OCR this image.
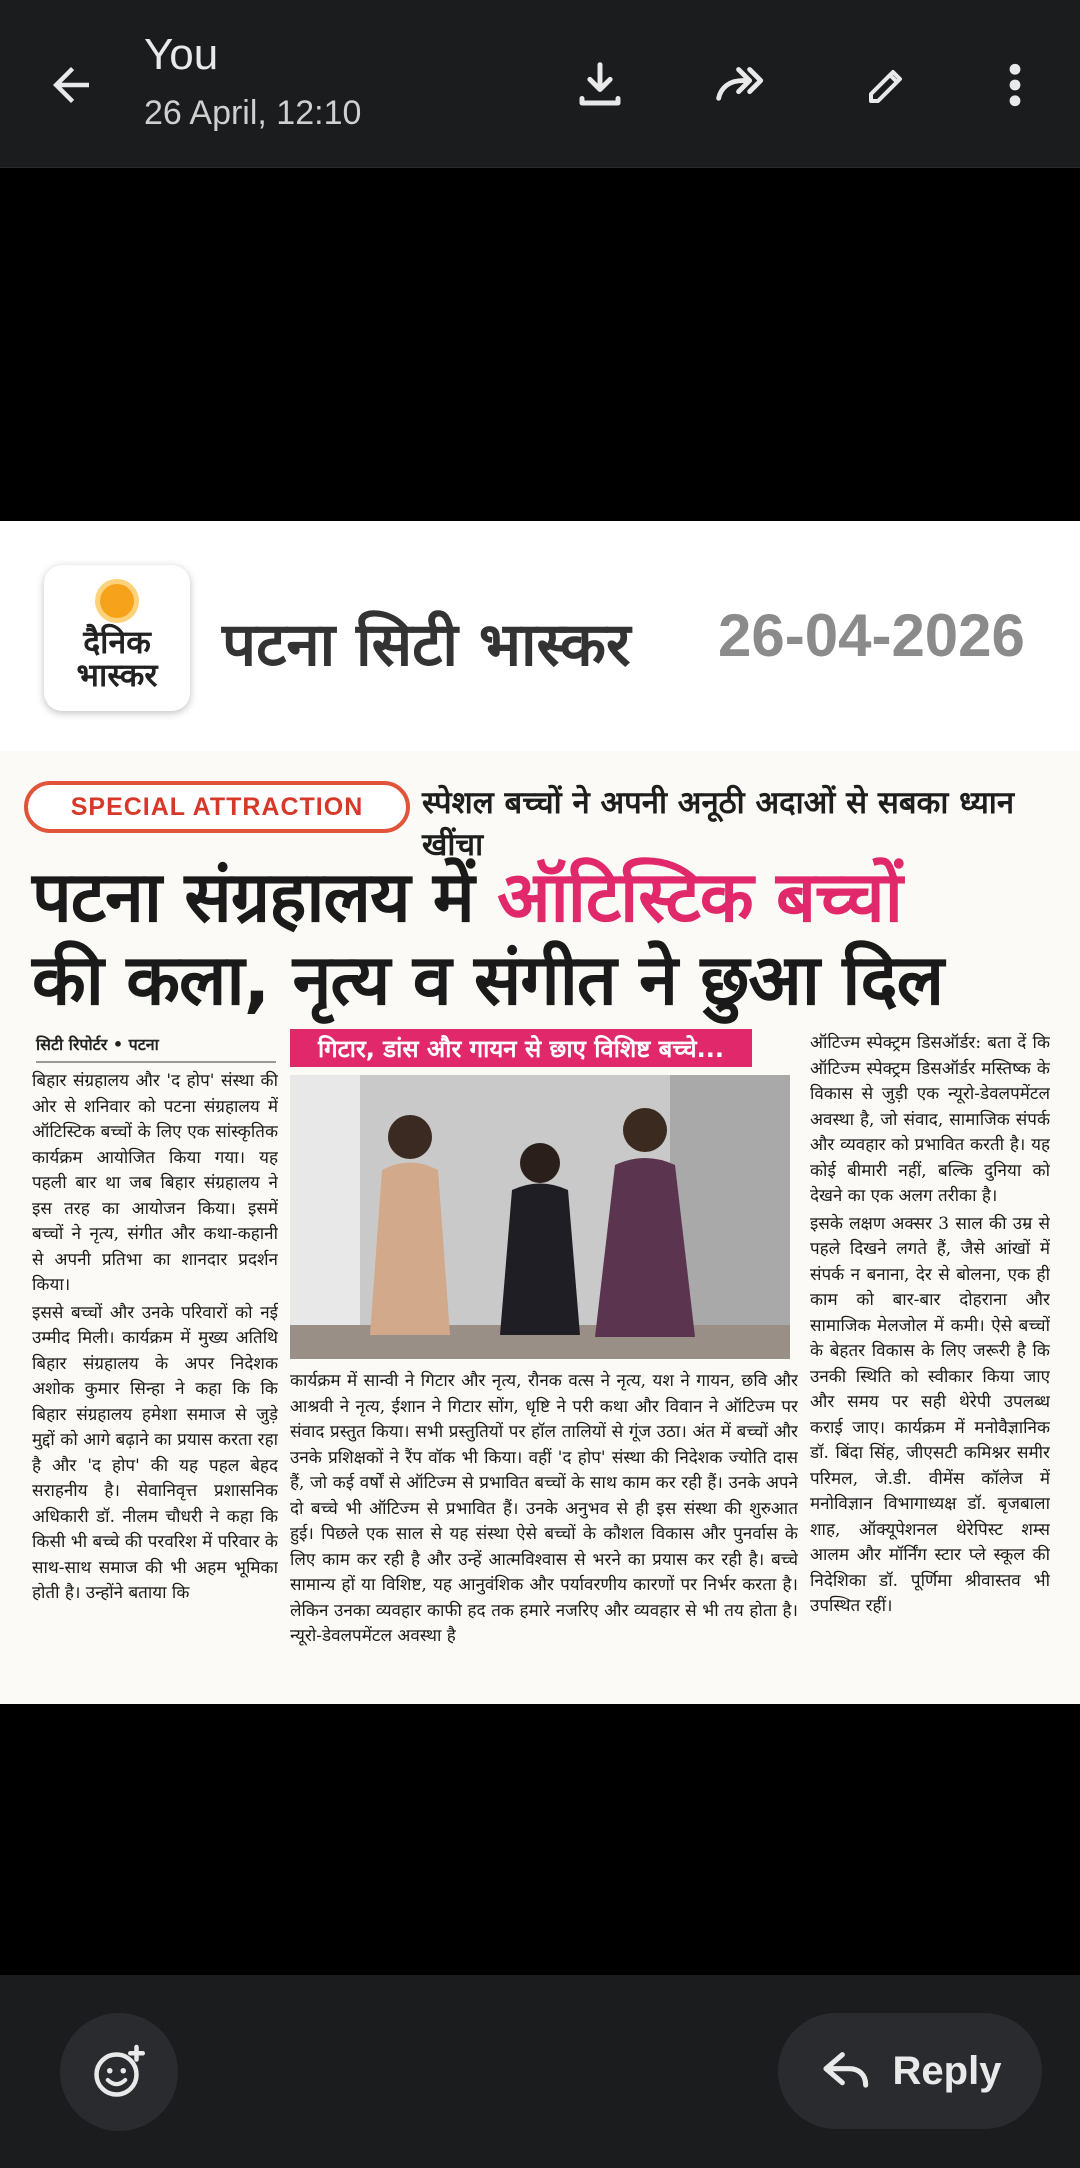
You
26 April, 12:10
दैनिक
भास्कर पटना सिटी भास्कर 26-04-2026
SPECIAL ATTRACTION	स्पेशल बच्चों ने अपनी अनूठी अदाओं से सबका ध्यान खींचा
पटना संग्रहालय में ऑटिस्टिक बच्चों
की कला, नृत्य व संगीत ने छुआ दिल
सिटी रिपोर्टर • पटना

बिहार संग्रहालय और 'द होप' संस्था की ओर से शनिवार को पटना संग्रहालय में ऑटिस्टिक बच्चों के लिए एक सांस्कृतिक कार्यक्रम आयोजित किया गया। यह पहली बार था जब बिहार संग्रहालय ने इस तरह का आयोजन किया। इसमें बच्चों ने नृत्य, संगीत और कथा-कहानी से अपनी प्रतिभा का शानदार प्रदर्शन किया।

इससे बच्चों और उनके परिवारों को नई उम्मीद मिली। कार्यक्रम में मुख्य अतिथि बिहार संग्रहालय के अपर निदेशक अशोक कुमार सिन्हा ने कहा कि कि बिहार संग्रहालय हमेशा समाज से जुड़े मुद्दों को आगे बढ़ाने का प्रयास करता रहा है और 'द होप' की यह पहल बेहद सराहनीय है। सेवानिवृत्त प्रशासनिक अधिकारी डॉ. नीलम चौधरी ने कहा कि किसी भी बच्चे की परवरिश में परिवार के साथ-साथ समाज की भी अहम भूमिका होती है। उन्होंने बताया कि

गिटार, डांस और गायन से छाए विशिष्ट बच्चे...

कार्यक्रम में सान्वी ने गिटार और नृत्य, रौनक वत्स ने नृत्य, यश ने गायन, छवि और आश्रवी ने नृत्य, ईशान ने गिटार सोंग, धृष्टि ने परी कथा और विवान ने ऑटिज्म पर संवाद प्रस्तुत किया। सभी प्रस्तुतियों पर हॉल तालियों से गूंज उठा। अंत में बच्चों और उनके प्रशिक्षकों ने रैंप वॉक भी किया। वहीं 'द होप' संस्था की निदेशक ज्योति दास हैं, जो कई वर्षों से ऑटिज्म से प्रभावित बच्चों के साथ काम कर रही हैं। उनके अपने दो बच्चे भी ऑटिज्म से प्रभावित हैं। उनके अनुभव से ही इस संस्था की शुरुआत हुई। पिछले एक साल से यह संस्था ऐसे बच्चों के कौशल विकास और पुनर्वास के लिए काम कर रही है और उन्हें आत्मविश्वास से भरने का प्रयास कर रही है। बच्चे सामान्य हों या विशिष्ट, यह आनुवंशिक और पर्यावरणीय कारणों पर निर्भर करता है। लेकिन उनका व्यवहार काफी हद तक हमारे नजरिए और व्यवहार से भी तय होता है। न्यूरो-डेवलपमेंटल अवस्था है

ऑटिज्म स्पेक्ट्रम डिसऑर्डर: बता दें कि ऑटिज्म स्पेक्ट्रम डिसऑर्डर मस्तिष्क के विकास से जुड़ी एक न्यूरो-डेवलपमेंटल अवस्था है, जो संवाद, सामाजिक संपर्क और व्यवहार को प्रभावित करती है। यह कोई बीमारी नहीं, बल्कि दुनिया को देखने का एक अलग तरीका है।

इसके लक्षण अक्सर 3 साल की उम्र से पहले दिखने लगते हैं, जैसे आंखों में संपर्क न बनाना, देर से बोलना, एक ही काम को बार-बार दोहराना और सामाजिक मेलजोल में कमी। ऐसे बच्चों के बेहतर विकास के लिए जरूरी है कि उनकी स्थिति को स्वीकार किया जाए और समय पर सही थेरेपी उपलब्ध कराई जाए। कार्यक्रम में मनोवैज्ञानिक डॉ. बिंदा सिंह, जीएसटी कमिश्नर समीर परिमल, जे.डी. वीमेंस कॉलेज में मनोविज्ञान विभागाध्यक्ष डॉ. बृजबाला शाह, ऑक्यूपेशनल थेरेपिस्ट शम्स आलम और मॉर्निंग स्टार प्ले स्कूल की निदेशिका डॉ. पूर्णिमा श्रीवास्तव भी उपस्थित रहीं।

Reply
